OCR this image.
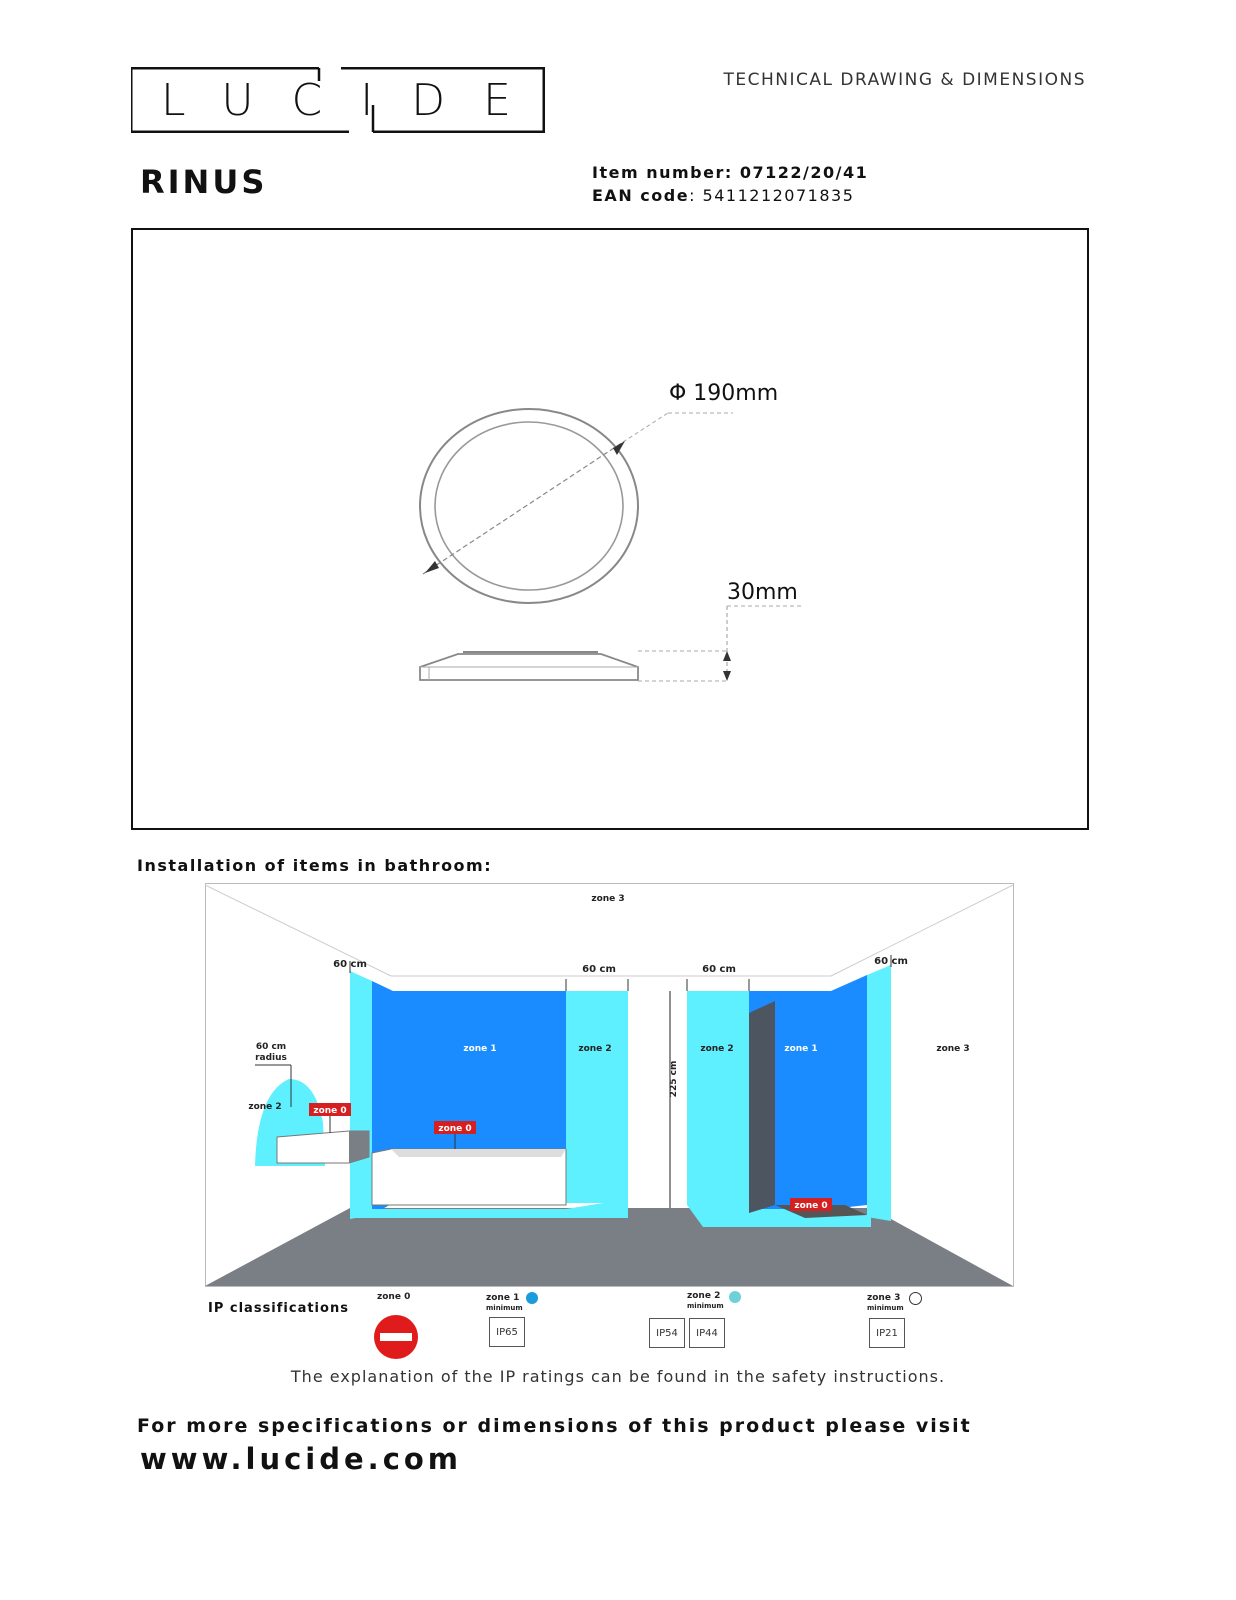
LUCIDE	TECHNICAL DRAWING & DIMENSIONS
RINUS	Item number: 07122/20/41
EAN code: 5411212071835
Φ 190mm
30mm
Installation of items in bathroom:
zone 3
60 cm	60 cm	60 cm
60 cm
60 cm
radius
zone 2
zone 1	zone 2	zone 2	zone 1	zone 3
225 cm
zone 0
zone 0
zone 0
IP classifications
zone 0	zone 1
minimum
IP65
zone 2
minimum
IP54	IP44
zone 3
minimum
IP21
The explanation of the IP ratings can be found in the safety instructions.
For more specifications or dimensions of this product please visit
www.lucide.com
